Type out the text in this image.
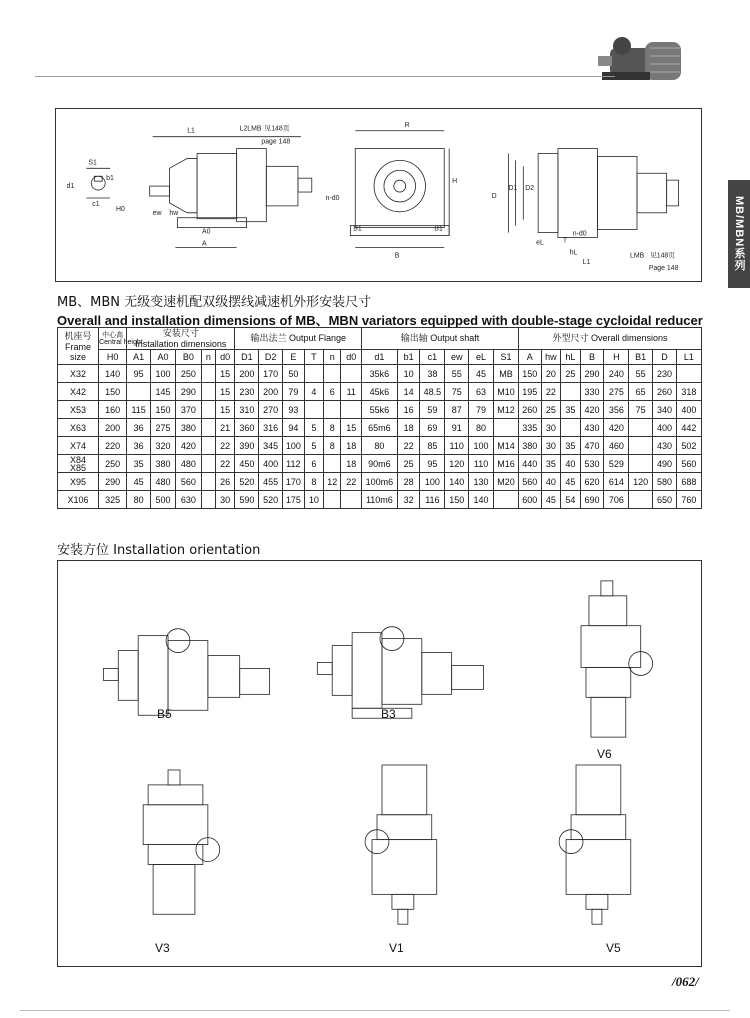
MB/MBN系列
S1
d1
b1
c1
L1	L2LMB 见148页
page 148
H0
ew hw
A0
A
R
H
n-d0
B1	B1
B
D
D1 D2
eL
hL
T
n-d0
L1
LMB 见148页
Page 148
MB、MBN 无级变速机配双级摆线减速机外形安装尺寸
Overall and installation dimensions of MB、MBN variators equipped with double-stage cycloidal reducer
机座号
Frame
size	中心高
Central height	安装尺寸
Installation dimensions					输出法兰 Output Flange						输出轴 Output shaft						外型尺寸 Overall dimensions							
	H0	A1	A0	B0	n	d0	D1	D2	E	T	n	d0	d1	b1	c1	ew	eL	S1	A	hw	hL	B	H	B1	D	L1
X32	140	95	100	250		15	200	170	50				35k6	10	38	55	45	MB	150	20	25	290	240	55	230	
X42	150		145	290		15	230	200	79	4	6	11	45k6	14	48.5	75	63	M10	195	22		330	275	65	260	318
X53	160	115	150	370		15	310	270	93				55k6	16	59	87	79	M12	260	25	35	420	356	75	340	400
X63	200	36	275	380		21	360	316	94	5	8	15	65m6	18	69	91	80		335	30		430	420		400	442
X74	220	36	320	420		22	390	345	100	5	8	18	80	22	85	110	100	M14	380	30	35	470	460		430	502
X84
X85	250	35	380	480		22	450	400	112	6		18	90m6	25	95	120	110	M16	440	35	40	530	529		490	560
X95	290	45	480	560		26	520	455	170	8	12	22	100m6	28	100	140	130	M20	560	40	45	620	614	120	580	688
X106	325	80	500	630		30	590	520	175	10			110m6	32	116	150	140		600	45	54	690	706		650	760
安装方位 Installation orientation
B5	B3
V6
V3	V1	V5
/062/
